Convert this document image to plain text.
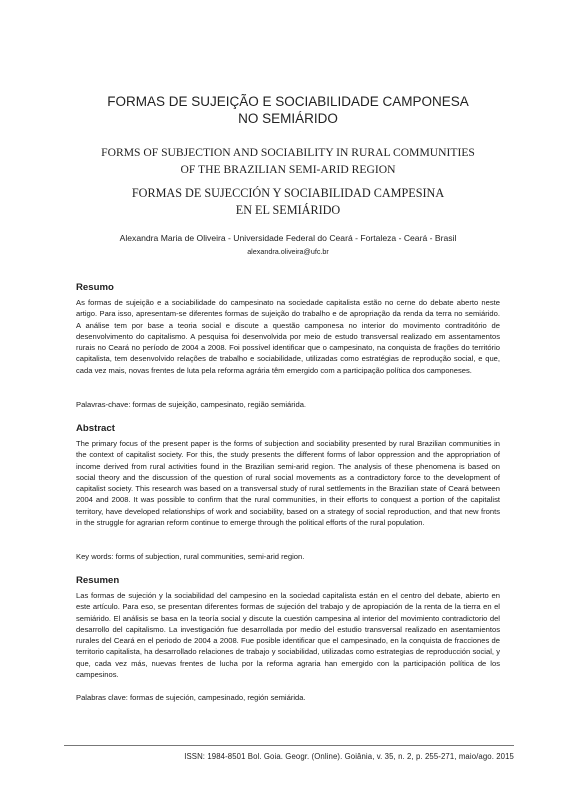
FORMAS DE SUJEIÇÃO E SOCIABILIDADE CAMPONESA
NO SEMIÁRIDO
FORMS OF SUBJECTION AND SOCIABILITY IN RURAL COMMUNITIES
OF THE BRAZILIAN SEMI-ARID REGION
FORMAS DE SUJECCIÓN Y SOCIABILIDAD CAMPESINA
EN EL SEMIÁRIDO
Alexandra Maria de Oliveira - Universidade Federal do Ceará - Fortaleza - Ceará - Brasil
alexandra.oliveira@ufc.br
Resumo

As formas de sujeição e a sociabilidade do campesinato na sociedade capitalista estão no cerne do debate aberto neste artigo. Para isso, apresentam-se diferentes formas de sujeição do trabalho e de apropriação da renda da terra no semiárido. A análise tem por base a teoria social e discute a questão camponesa no interior do movimento contraditório de desenvolvimento do capitalismo. A pesquisa foi desenvolvida por meio de estudo transversal realizado em assentamentos rurais no Ceará no período de 2004 a 2008. Foi possível identificar que o campesinato, na conquista de frações do território capitalista, tem desenvolvido relações de trabalho e sociabilidade, utilizadas como estratégias de reprodução social, e que, cada vez mais, novas frentes de luta pela reforma agrária têm emergido com a participação política dos camponeses.

Palavras-chave: formas de sujeição, campesinato, região semiárida.

Abstract

The primary focus of the present paper is the forms of subjection and sociability presented by rural Brazilian communities in the context of capitalist society. For this, the study presents the different forms of labor oppression and the appropriation of income derived from rural activities found in the Brazilian semi-arid region. The analysis of these phenomena is based on social theory and the discussion of the question of rural social movements as a contradictory force to the development of capitalist society. This research was based on a transversal study of rural settlements in the Brazilian state of Ceará between 2004 and 2008. It was possible to confirm that the rural communities, in their efforts to conquest a portion of the capitalist territory, have developed relationships of work and sociability, based on a strategy of social reproduction, and that new fronts in the struggle for agrarian reform continue to emerge through the political efforts of the rural population.

Key words: forms of subjection, rural communities, semi-arid region.

Resumen

Las formas de sujeción y la sociabilidad del campesino en la sociedad capitalista están en el centro del debate, abierto en este artículo. Para eso, se presentan diferentes formas de sujeción del trabajo y de apropiación de la renta de la tierra en el semiárido. El análisis se basa en la teoría social y discute la cuestión campesina al interior del movimiento contradictorio del desarrollo del capitalismo. La investigación fue desarrollada por medio del estudio transversal realizado en asentamientos rurales del Ceará en el periodo de 2004 a 2008. Fue posible identificar que el campesinado, en la conquista de fracciones de territorio capitalista, ha desarrollado relaciones de trabajo y sociabilidad, utilizadas como estrategias de reproducción social, y que, cada vez más, nuevas frentes de lucha por la reforma agraria han emergido con la participación política de los campesinos.

Palabras clave: formas de sujeción, campesinado, región semiárida.

ISSN: 1984-8501 Bol. Goia. Geogr. (Online). Goiânia, v. 35, n. 2, p. 255-271, maio/ago. 2015
